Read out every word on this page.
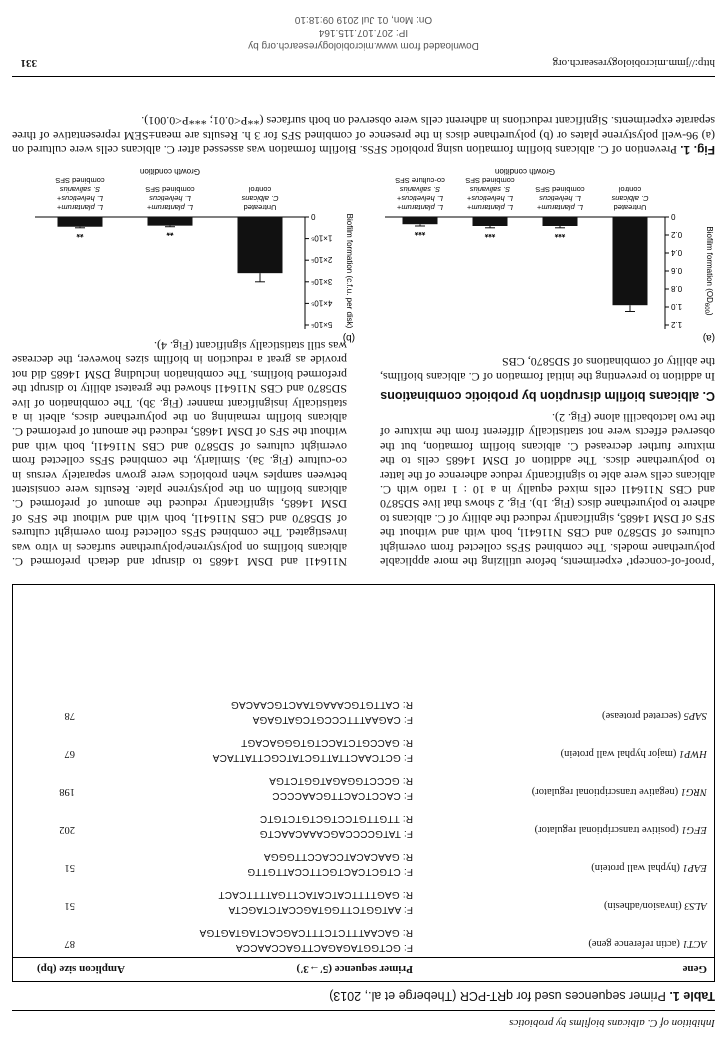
Inhibition of C. albicans biofilms by probiotics
Table 1. Primer sequences used for qRT-PCR (Theberge et al., 2013)
Gene
Primer sequence (5′→3′)
Amplicon size (bp)
ACT1 (actin reference gene)
F: GCTGGTAGAGACTTGACCAACCA
R: GACAATTTCTCTTTCAGCACTAGTAGTGA
87
ALS3 (invasion/adhesin)
F: AATGGTCTTGGTAGCCATCTAGCTA
R: GAGTTTTCATCATACTTGATTTTCACT
51
EAP1 (hyphal wall protein)
F: CTGCTCACTGCTTCCATTGTTG
R: GAACACATCCACCTTGGGA
51
EFG1 (positive transcriptional regulator)
F: TATGCCCCAGCAAACAACTG
R: TTGTTGTCCTGCTGTCTGTC
202
NRG1 (negative transcriptional regulator)
F: CACCTCACTTGCAACCCC
R: GCCCTGGAGATGGTCTGA
198
HWP1 (major hyphal wall protein)
F: GCTCAACTTATTGCTATCGCTTATTACA
R: GACCGTCTACCTGTGGGACAGT
67
SAP5 (secreted protease)
F: CAGAATTTCCCGTCGATGAGA
R: CATTGTGCAAAGTAACTGCAACAG
78

‘proof-of-concept’ experiments, before utilizing the more applicable polyurethane models. The combined SFSs collected from overnight cultures of SD5870 and CBS N11641l, both with and without the SFS of DSM 14685, significantly reduced the ability of C. albicans to adhere to polyurethane discs (Fig. 1b). Fig. 2 shows that live SD5870 and CBS N11641l cells mixed equally in a 10 : 1 ratio with C. albicans cells were able to significantly reduce adherence of the latter to polyurethane discs. The addition of DSM 14685 cells to the mixture further decreased C. albicans biofilm formation, but the observed effects were not statistically different from the mixture of the two lactobacilli alone (Fig. 2).

C. albicans biofilm disruption by probiotic combinations

In addition to preventing the initial formation of C. albicans biofilms, the ability of combinations of SD5870, CBS

N11641l and DSM 14685 to disrupt and detach preformed C. albicans biofilms on polystyrene/polyurethane surfaces in vitro was investigated. The combined SFSs collected from overnight cultures of SD5870 and CBS N11641l, both with and without the SFS of DSM 14685, significantly reduced the amount of preformed C. albicans biofilm on the polystyrene plate. Results were consistent between samples when probiotics were grown separately versus in co-culture (Fig. 3a). Similarly, the combined SFSs collected from overnight cultures of SD5870 and CBS N11641l, both with and without the SFS of DSM 14685, reduced the amount of preformed C. albicans biofilm remaining on the polyurethane discs, albeit in a statistically insignificant manner (Fig. 3b). The combination of live SD5870 and CBS N11641l showed the greatest ability to disrupt the preformed biofilms. The combination including DSM 14685 did not provide as great a reduction in biofilm sizes however, the decrease was still statistically significant (Fig. 4).

(a)
0
0.2
0.4
0.6
0.8
1.0
1.2
Biofilm formation $(OD_{600})$
Untreated
C. albicans
control
***
L. plantarum+
L. helveticus
combined SFS
***
L. plantarum+
L. helveticus+
S. salivarius
combined SFS
***
L. plantarum+
L. helveticus+
S. salivarius
co-culture SFS
Growth condition
(b)
0
1×10⁵
2×10⁵
3×10⁵
4×10⁵
5×10⁵ Biofilm formation (c.f.u. per disk)
Untreated
C. albicans
control
**
L. plantarum+
L. helveticus
combined SFS
**
L. plantarum+
L. helveticus+
S. salivarius
combined SFS
Growth condition
Fig. 1. Prevention of C. albicans biofilm formation using probiotic SFSs. Biofilm formation was assessed after C. albicans cells were cultured on (a) 96-well polystyrene plates or (b) polyurethane discs in the presence of combined SFS for 3 h. Results are mean±SEM representative of three separate experiments. Significant reductions in adherent cells were observed on both surfaces (**P<0.01; ***P<0.001).
http://jmm.microbiologyresearch.org
331
Downloaded from www.microbiologyresearch.org by
IP: 207.107.115.164
On: Mon, 01 Jul 2019 09:18:10
